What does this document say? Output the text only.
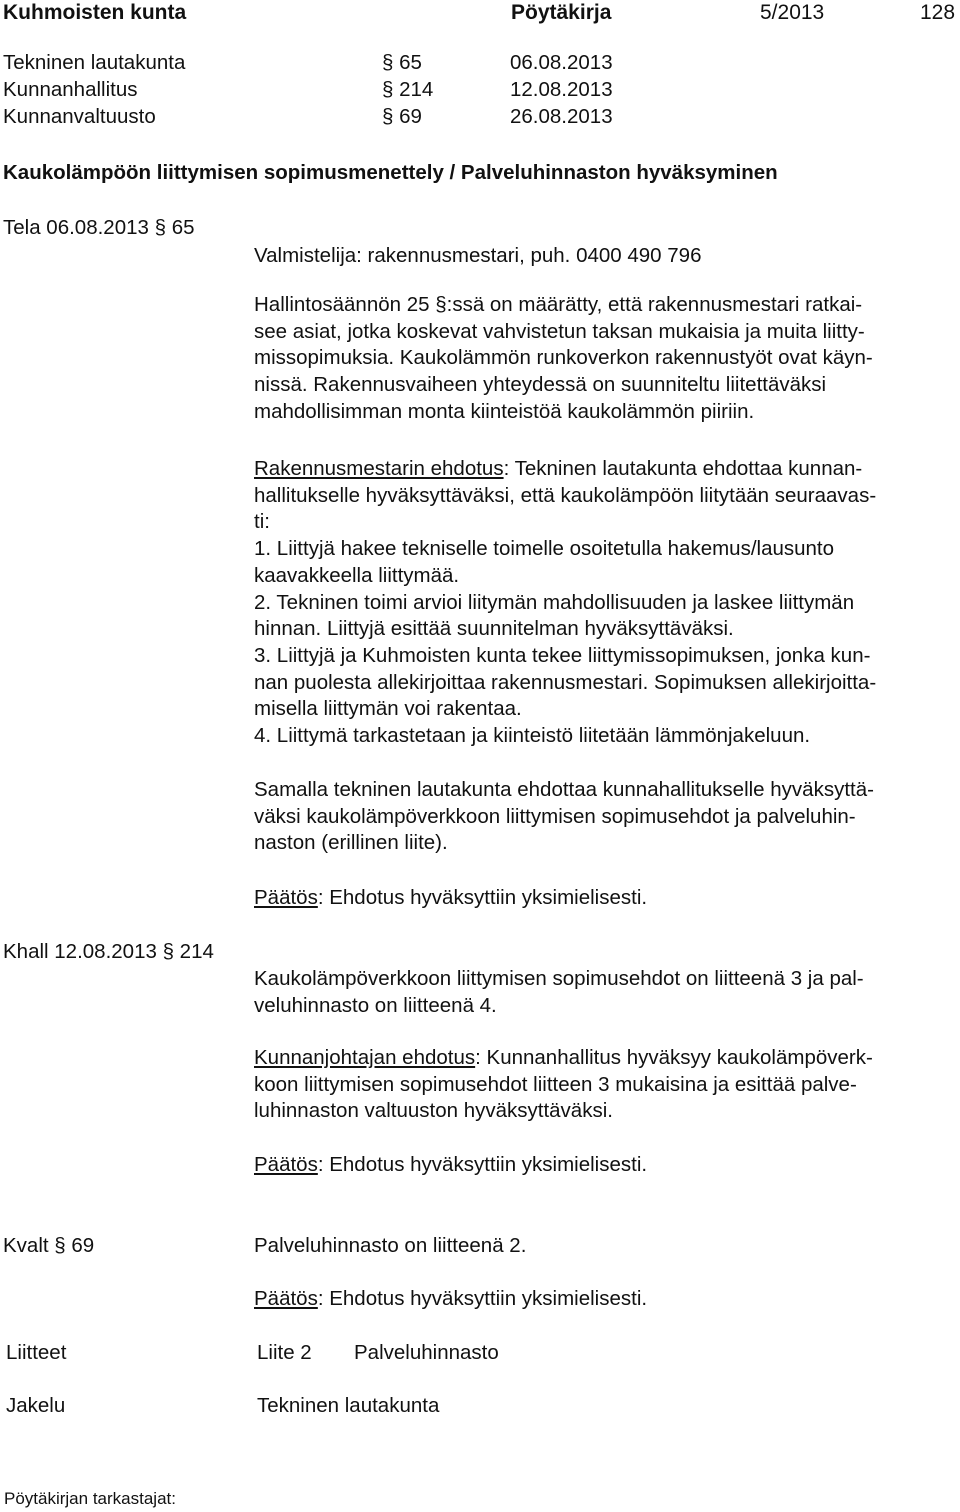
Kuhmoisten kunta	Pöytäkirja	5/2013	128
Tekninen lautakunta	§ 65	06.08.2013
Kunnanhallitus	§ 214	12.08.2013
Kunnanvaltuusto	§ 69	26.08.2013
Kaukolämpöön liittymisen sopimusmenettely / Palveluhinnaston hyväksyminen
Tela 06.08.2013 § 65
Valmistelija: rakennusmestari, puh. 0400 490 796
Hallintosäännön 25 §:ssä on määrätty, että rakennusmestari ratkai-
see asiat, jotka koskevat vahvistetun taksan mukaisia ja muita liitty-
missopimuksia. Kaukolämmön runkoverkon rakennustyöt ovat käyn-
nissä. Rakennusvaiheen yhteydessä on suunniteltu liitettäväksi
mahdollisimman monta kiinteistöä kaukolämmön piiriin.
Rakennusmestarin ehdotus: Tekninen lautakunta ehdottaa kunnan-
hallitukselle hyväksyttäväksi, että kaukolämpöön liitytään seuraavas-
ti:
1. Liittyjä hakee tekniselle toimelle osoitetulla hakemus/lausunto
kaavakkeella liittymää.
2. Tekninen toimi arvioi liitymän mahdollisuuden ja laskee liittymän
hinnan. Liittyjä esittää suunnitelman hyväksyttäväksi.
3. Liittyjä ja Kuhmoisten kunta tekee liittymissopimuksen, jonka kun-
nan puolesta allekirjoittaa rakennusmestari. Sopimuksen allekirjoitta-
misella liittymän voi rakentaa.
4. Liittymä tarkastetaan ja kiinteistö liitetään lämmönjakeluun.
Samalla tekninen lautakunta ehdottaa kunnahallitukselle hyväksyttä-
väksi kaukolämpöverkkoon liittymisen sopimusehdot ja palveluhin-
naston (erillinen liite).
Päätös: Ehdotus hyväksyttiin yksimielisesti.
Khall 12.08.2013 § 214
Kaukolämpöverkkoon liittymisen sopimusehdot on liitteenä 3 ja pal-
veluhinnasto on liitteenä 4.
Kunnanjohtajan ehdotus: Kunnanhallitus hyväksyy kaukolämpöverk-
koon liittymisen sopimusehdot liitteen 3 mukaisina ja esittää palve-
luhinnaston valtuuston hyväksyttäväksi.
Päätös: Ehdotus hyväksyttiin yksimielisesti.
Kvalt § 69	Palveluhinnasto on liitteenä 2.
Päätös: Ehdotus hyväksyttiin yksimielisesti.
Liitteet	Liite 2 Palveluhinnasto
Jakelu	Tekninen lautakunta
Pöytäkirjan tarkastajat:
